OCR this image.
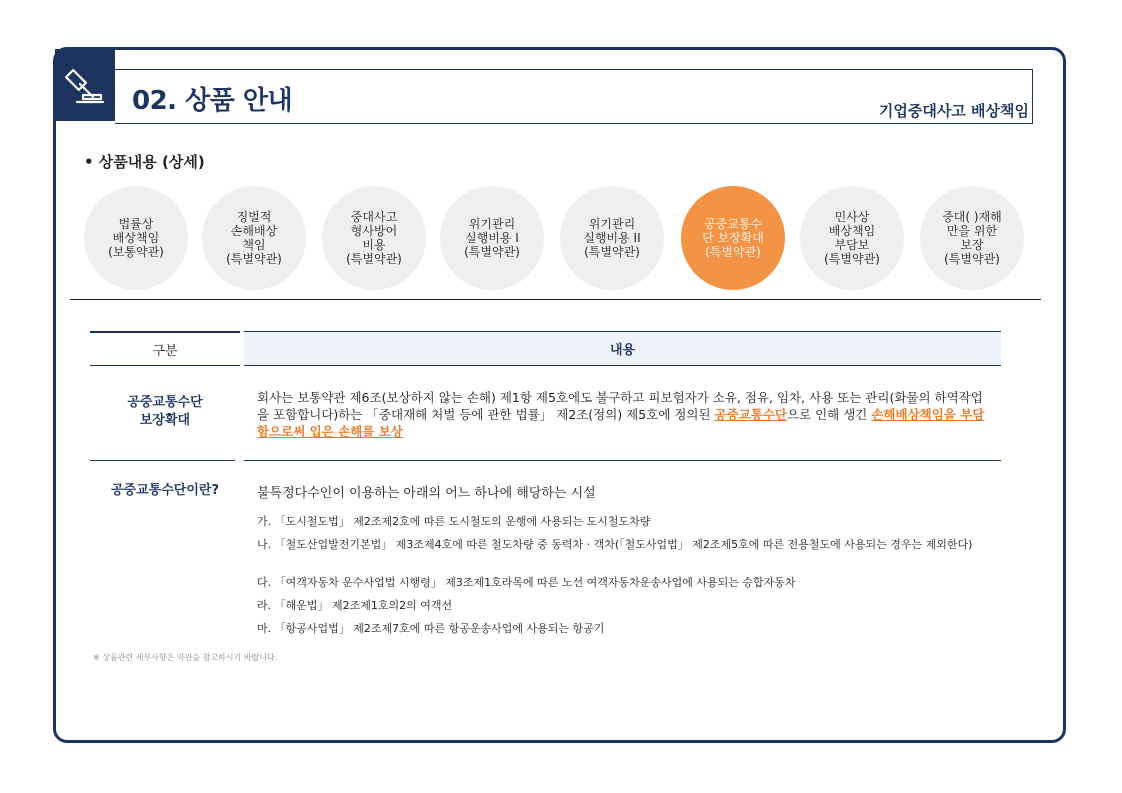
02. 상품 안내	기업중대사고 배상책임
• 상품내용 (상세)
법률상
배상책임
(보통약관)
징벌적
손해배상
책임
(특별약관)
중대사고
형사방어
비용
(특별약관)
위기관리
실행비용 I
(특별약관)
위기관리
실행비용 II
(특별약관)
공중교통수
단 보장확대
(특별약관)
민사상
배상책임
부담보
(특별약관)
중대( )재해
만을 위한
보장
(특별약관)
구분	내용
공중교통수단
보장확대
회사는 보통약관 제6조(보상하지 않는 손해) 제1항 제5호에도 불구하고 피보험자가 소유, 점유, 임차, 사용 또는 관리(화물의 하역작업을 포함합니다)하는 「중대재해 처벌 등에 관한 법률」 제2조(정의) 제5호에 정의된 공중교통수단으로 인해 생긴 손해배상책임을 부담함으로써 입은 손해를 보상
공중교통수단이란?	불특정다수인이 이용하는 아래의 어느 하나에 해당하는 시설
가. 「도시철도법」 제2조제2호에 따른 도시철도의 운행에 사용되는 도시철도차량
나. 「철도산업발전기본법」 제3조제4호에 따른 철도차량 중 동력차 · 객차(「철도사업법」 제2조제5호에 따른 전용철도에 사용되는 경우는 제외한다)
다. 「여객자동차 운수사업법 시행령」 제3조제1호라목에 따른 노선 여객자동차운송사업에 사용되는 승합자동차
라. 「해운법」 제2조제1호의2의 여객선
마. 「항공사업법」 제2조제7호에 따른 항공운송사업에 사용되는 항공기
※ 상품관련 세부사항은 약관을 참고하시기 바랍니다.
